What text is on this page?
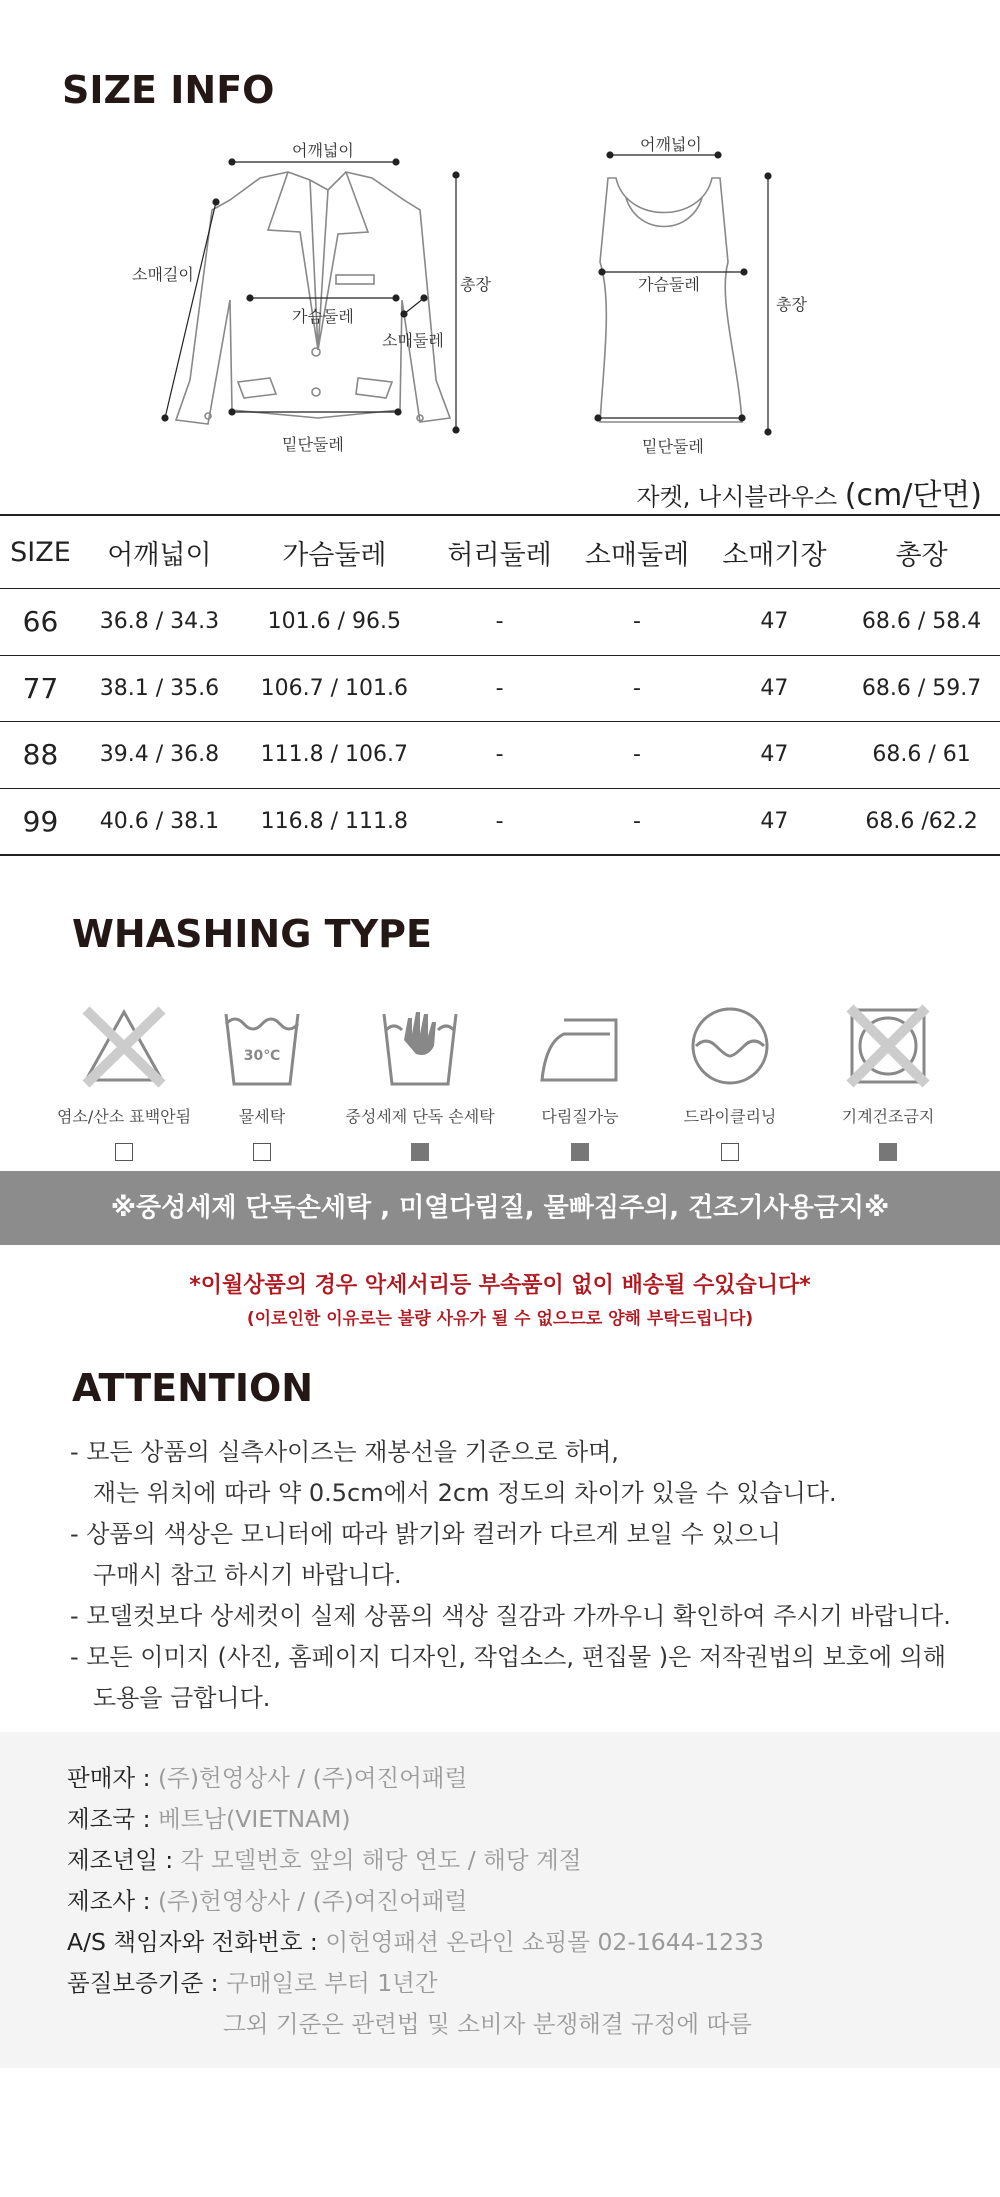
SIZE INFO
어깨넓이
소매길이
가슴둘레
총장
소매둘레
밑단둘레
어깨넓이
가슴둘레
총장
밑단둘레
자켓, 나시블라우스 (cm/단면)
SIZE	어깨넓이	가슴둘레	허리둘레	소매둘레	소매기장	총장
66	36.8 / 34.3	101.6 / 96.5	-	-	47	68.6 / 58.4
77	38.1 / 35.6	106.7 / 101.6	-	-	47	68.6 / 59.7
88	39.4 / 36.8	111.8 / 106.7	-	-	47	68.6 / 61
99	40.6 / 38.1	116.8 / 111.8	-	-	47	68.6 /62.2
WHASHING TYPE
염소/산소 표백안됨
30℃
물세탁	중성세제 단독 손세탁	다림질가능	드라이클리닝	기계건조금지
※중성세제 단독손세탁 , 미열다림질, 물빠짐주의, 건조기사용금지※
*이월상품의 경우 악세서리등 부속품이 없이 배송될 수있습니다*
(이로인한 이유로는 불량 사유가 될 수 없으므로 양해 부탁드립니다)
ATTENTION

- 모든 상품의 실측사이즈는 재봉선을 기준으로 하며,

재는 위치에 따라 약 0.5cm에서 2cm 정도의 차이가 있을 수 있습니다.

- 상품의 색상은 모니터에 따라 밝기와 컬러가 다르게 보일 수 있으니

구매시 참고 하시기 바랍니다.

- 모델컷보다 상세컷이 실제 상품의 색상 질감과 가까우니 확인하여 주시기 바랍니다.

- 모든 이미지 (사진, 홈페이지 디자인, 작업소스, 편집물 )은 저작권법의 보호에 의해

도용을 금합니다.

판매자 : (주)헌영상사 / (주)여진어패럴
제조국 : 베트남(VIETNAM)
제조년일 : 각 모델번호 앞의 해당 연도 / 해당 계절
제조사 : (주)헌영상사 / (주)여진어패럴
A/S 책임자와 전화번호 : 이헌영패션 온라인 쇼핑몰 02-1644-1233
품질보증기준 : 구매일로 부터 1년간
그외 기준은 관련법 및 소비자 분쟁해결 규정에 따름
